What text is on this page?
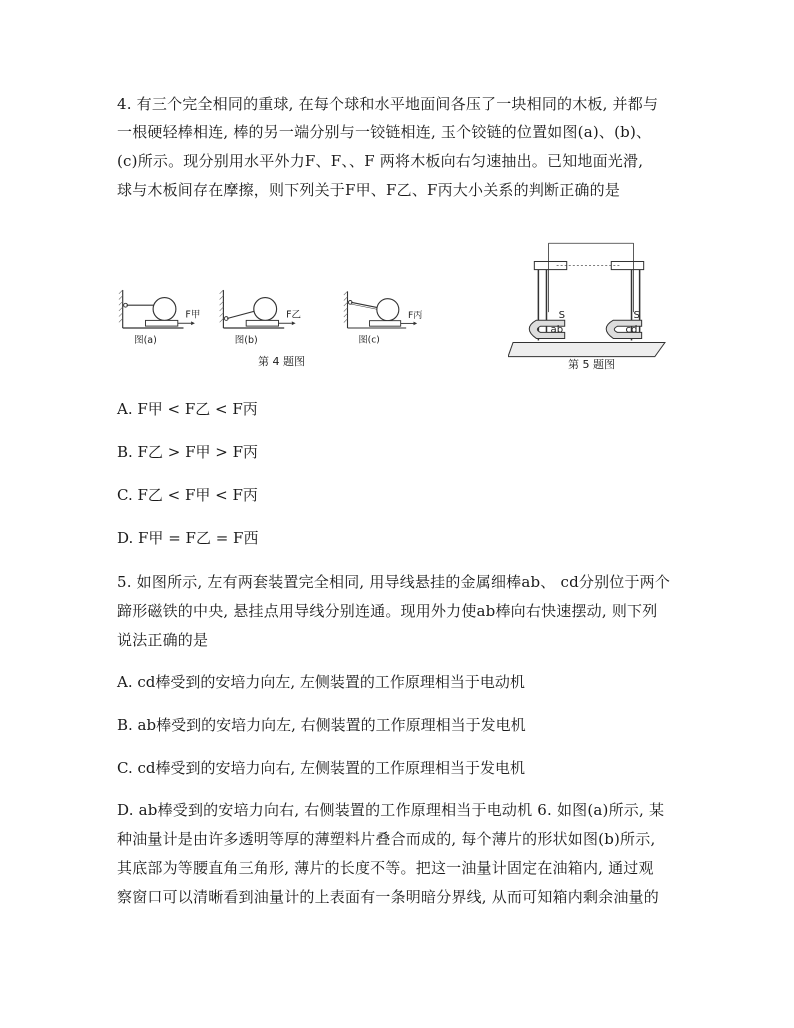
4. 有三个完全相同的重球, 在每个球和水平地面间各压了一块相同的木板, 并都与
一根硬轻棒相连, 棒的另一端分别与一铰链相连, 玉个铰链的位置如图(a)、(b)、
(c)所示。现分别用水平外力F、F、、F 两将木板向右匀速抽出。已知地面光滑,
球与木板间存在摩擦，则下列关于F甲、F乙、F丙大小关系的判断正确的是
F甲
图(a)
F乙
图(b)
F丙
图(c)
第 4 题图
S
ab
S
cd
第 5 题图
A. F甲 < F乙 < F丙
B. F乙 > F甲 > F丙
C. F乙 < F甲 < F丙
D. F甲 = F乙 = F西
5. 如图所示, 左有两套装置完全相同, 用导线悬挂的金属细棒ab、 cd分别位于两个
蹄形磁铁的中央, 悬挂点用导线分别连通。现用外力使ab棒向右快速摆动, 则下列
说法正确的是
A. cd棒受到的安培力向左, 左侧装置的工作原理相当于电动机
B. ab棒受到的安培力向左, 右侧装置的工作原理相当于发电机
C. cd棒受到的安培力向右, 左侧装置的工作原理相当于发电机
D. ab棒受到的安培力向右, 右侧装置的工作原理相当于电动机 6. 如图(a)所示, 某
种油量计是由许多透明等厚的薄塑料片叠合而成的, 每个薄片的形状如图(b)所示,
其底部为等腰直角三角形, 薄片的长度不等。把这一油量计固定在油箱内, 通过观
察窗口可以清晰看到油量计的上表面有一条明暗分界线, 从而可知箱内剩余油量的
